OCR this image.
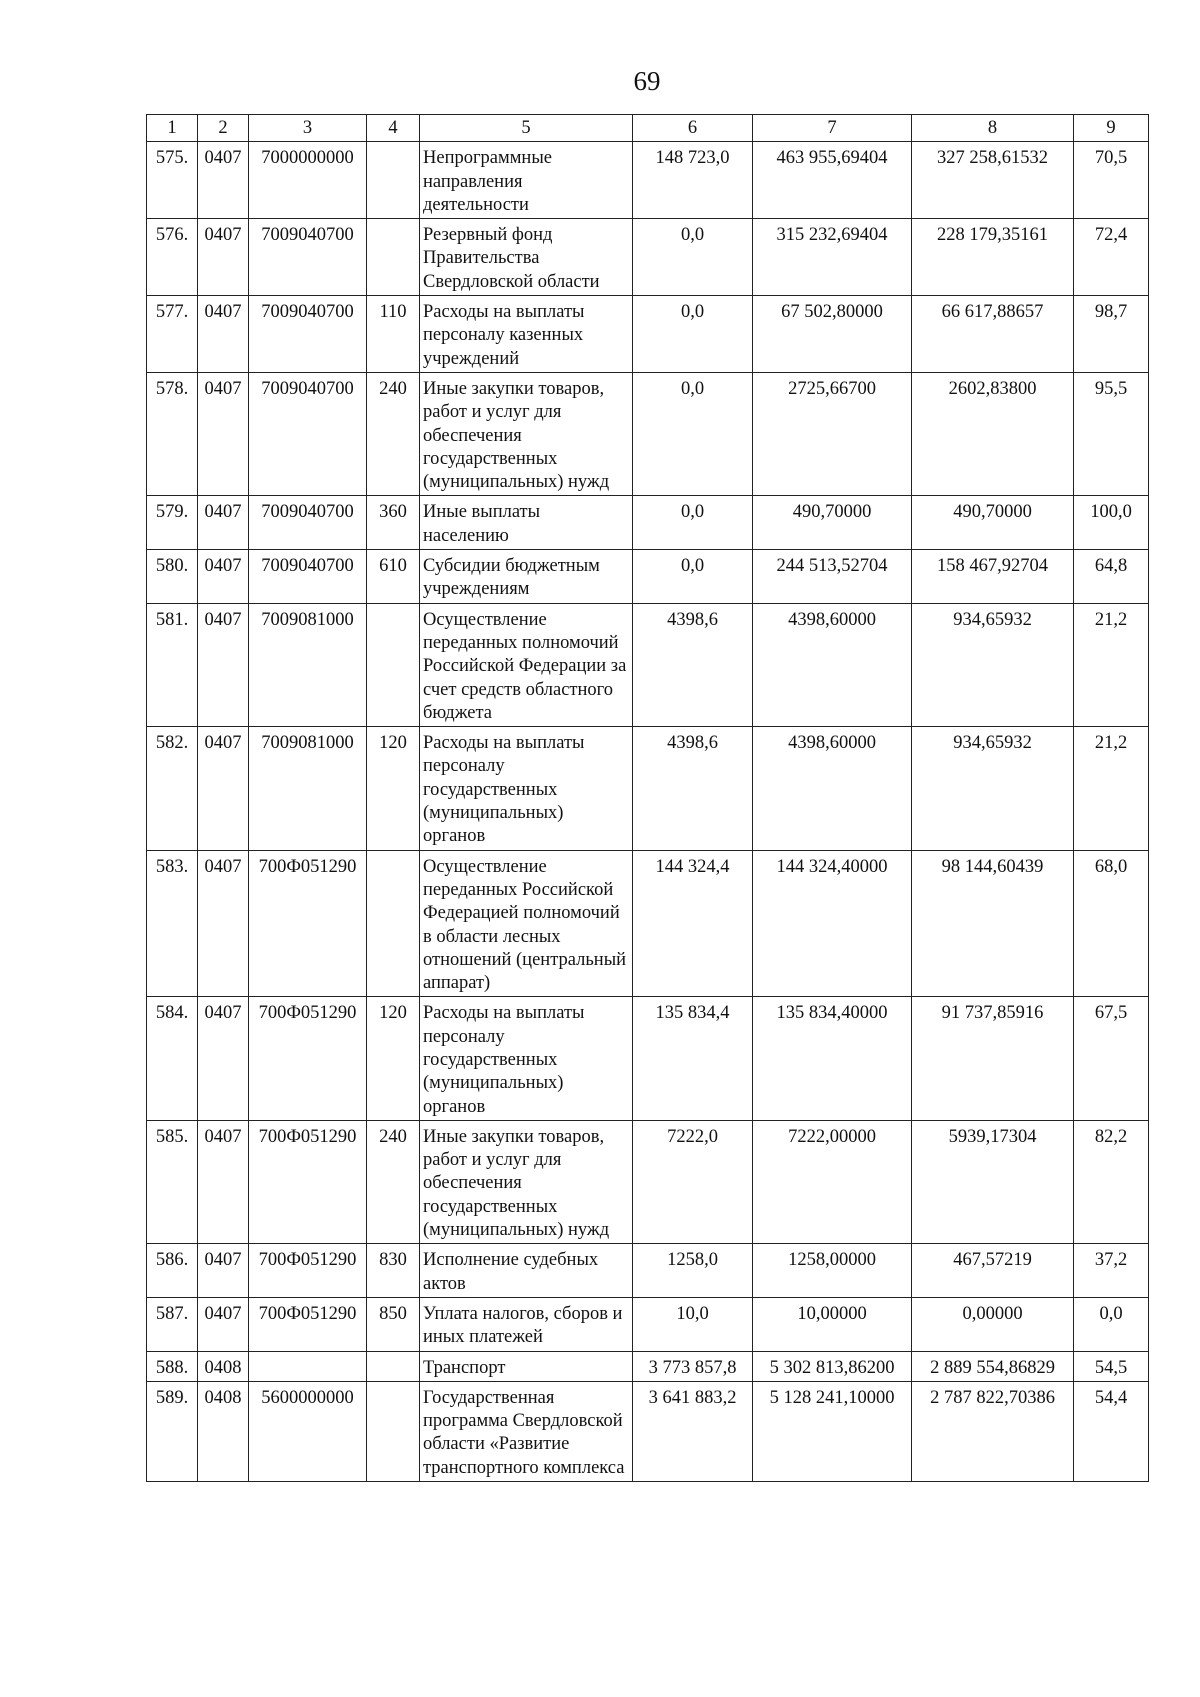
69
1	2	3	4	5	6	7	8	9
575.	0407	7000000000		Непрограммные направления деятельности	148 723,0	463 955,69404	327 258,61532	70,5
576.	0407	7009040700		Резервный фонд Правительства Свердловской области	0,0	315 232,69404	228 179,35161	72,4
577.	0407	7009040700	110	Расходы на выплаты персоналу казенных учреждений	0,0	67 502,80000	66 617,88657	98,7
578.	0407	7009040700	240	Иные закупки товаров, работ и услуг для обеспечения государственных (муниципальных) нужд	0,0	2725,66700	2602,83800	95,5
579.	0407	7009040700	360	Иные выплаты населению	0,0	490,70000	490,70000	100,0
580.	0407	7009040700	610	Субсидии бюджетным учреждениям	0,0	244 513,52704	158 467,92704	64,8
581.	0407	7009081000		Осуществление переданных полномочий Российской Федерации за счет средств областного бюджета	4398,6	4398,60000	934,65932	21,2
582.	0407	7009081000	120	Расходы на выплаты персоналу государственных (муниципальных) органов	4398,6	4398,60000	934,65932	21,2
583.	0407	700Ф051290		Осуществление переданных Российской Федерацией полномочий в области лесных отношений (центральный аппарат)	144 324,4	144 324,40000	98 144,60439	68,0
584.	0407	700Ф051290	120	Расходы на выплаты персоналу государственных (муниципальных) органов	135 834,4	135 834,40000	91 737,85916	67,5
585.	0407	700Ф051290	240	Иные закупки товаров, работ и услуг для обеспечения государственных (муниципальных) нужд	7222,0	7222,00000	5939,17304	82,2
586.	0407	700Ф051290	830	Исполнение судебных актов	1258,0	1258,00000	467,57219	37,2
587.	0407	700Ф051290	850	Уплата налогов, сборов и иных платежей	10,0	10,00000	0,00000	0,0
588.	0408			Транспорт	3 773 857,8	5 302 813,86200	2 889 554,86829	54,5
589.	0408	5600000000		Государственная программа Свердловской области «Развитие транспортного комплекса	3 641 883,2	5 128 241,10000	2 787 822,70386	54,4
